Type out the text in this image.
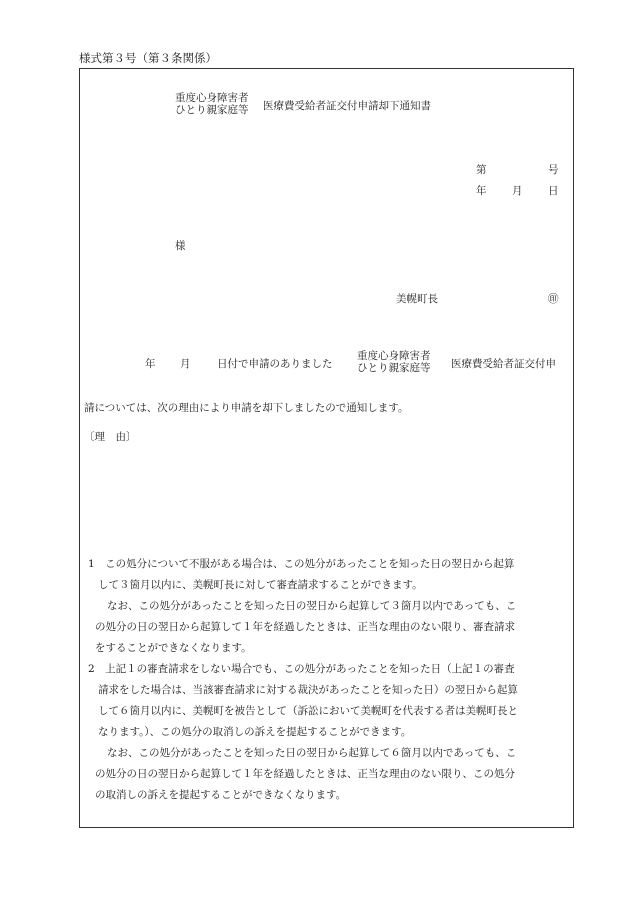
様式第３号（第３条関係）
重度心身障害者
ひとり親家庭等 医療費受給者証交付申請却下通知書
第	号
年 月 日
様
美幌町長	㊞
年 月	日付で申請のありました
重度心身障害者
ひとり親家庭等 医療費受給者証交付申
請については、次の理由により申請を却下しましたので通知します。
〔理　由〕
1　この処分について不服がある場合は、この処分があったことを知った日の翌日から起算
して３箇月以内に、美幌町長に対して審査請求することができます。
なお、この処分があったことを知った日の翌日から起算して３箇月以内であっても、こ
の処分の日の翌日から起算して１年を経過したときは、正当な理由のない限り、審査請求
をすることができなくなります。
2　上記１の審査請求をしない場合でも、この処分があったことを知った日（上記１の審査
請求をした場合は、当該審査請求に対する裁決があったことを知った日）の翌日から起算
して６箇月以内に、美幌町を被告として（訴訟において美幌町を代表する者は美幌町長と
なります。）、この処分の取消しの訴えを提起することができます。
なお、この処分があったことを知った日の翌日から起算して６箇月以内であっても、こ
の処分の日の翌日から起算して１年を経過したときは、正当な理由のない限り、この処分
の取消しの訴えを提起することができなくなります。
